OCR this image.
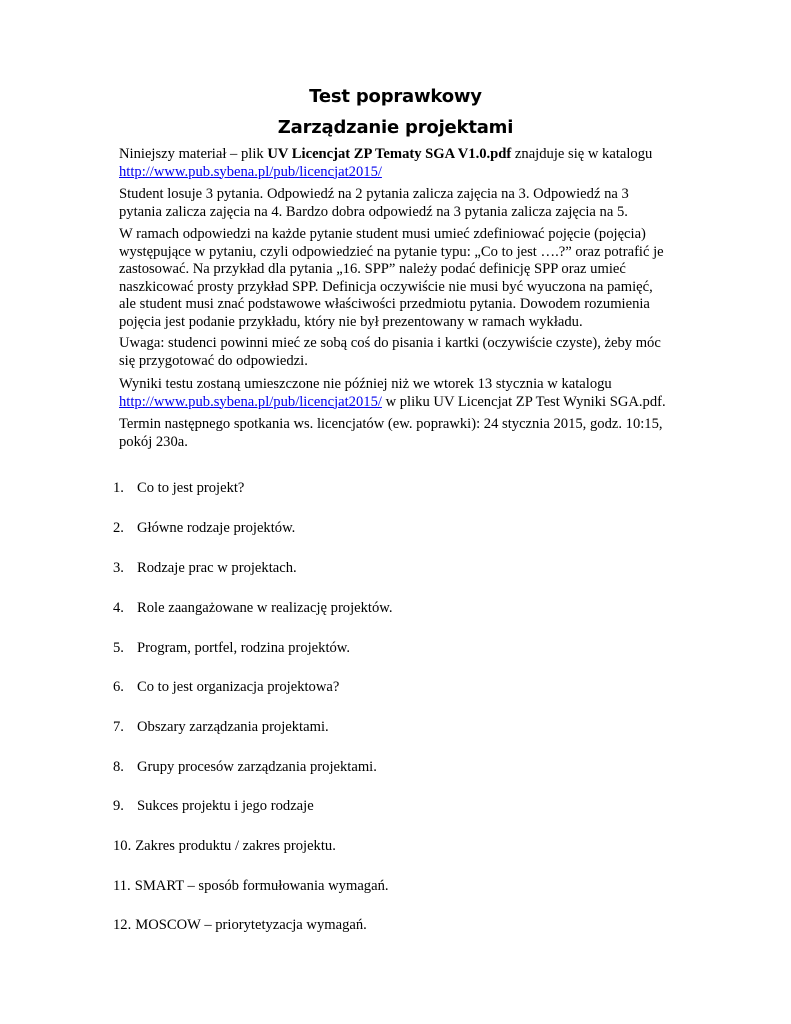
Test poprawkowy
Zarządzanie projektami
Niniejszy materiał – plik UV Licencjat ZP Tematy SGA V1.0.pdf znajduje się w katalogu
http://www.pub.sybena.pl/pub/licencjat2015/
Student losuje 3 pytania. Odpowiedź na 2 pytania zalicza zajęcia na 3. Odpowiedź na 3
pytania zalicza zajęcia na 4. Bardzo dobra odpowiedź na 3 pytania zalicza zajęcia na 5.
W ramach odpowiedzi na każde pytanie student musi umieć zdefiniować pojęcie (pojęcia)
występujące w pytaniu, czyli odpowiedzieć na pytanie typu: „Co to jest ….?” oraz potrafić je
zastosować. Na przykład dla pytania „16. SPP” należy podać definicję SPP oraz umieć
naszkicować prosty przykład SPP. Definicja oczywiście nie musi być wyuczona na pamięć,
ale student musi znać podstawowe właściwości przedmiotu pytania. Dowodem rozumienia
pojęcia jest podanie przykładu, który nie był prezentowany w ramach wykładu.
Uwaga: studenci powinni mieć ze sobą coś do pisania i kartki (oczywiście czyste), żeby móc
się przygotować do odpowiedzi.
Wyniki testu zostaną umieszczone nie później niż we wtorek 13 stycznia w katalogu
http://www.pub.sybena.pl/pub/licencjat2015/ w pliku UV Licencjat ZP Test Wyniki SGA.pdf.
Termin następnego spotkania ws. licencjatów (ew. poprawki): 24 stycznia 2015, godz. 10:15,
pokój 230a.
1. Co to jest projekt?
2. Główne rodzaje projektów.
3. Rodzaje prac w projektach.
4. Role zaangażowane w realizację projektów.
5. Program, portfel, rodzina projektów.
6. Co to jest organizacja projektowa?
7. Obszary zarządzania projektami.
8. Grupy procesów zarządzania projektami.
9. Sukces projektu i jego rodzaje
10. Zakres produktu / zakres projektu.
11. SMART – sposób formułowania wymagań.
12. MOSCOW – priorytetyzacja wymagań.
